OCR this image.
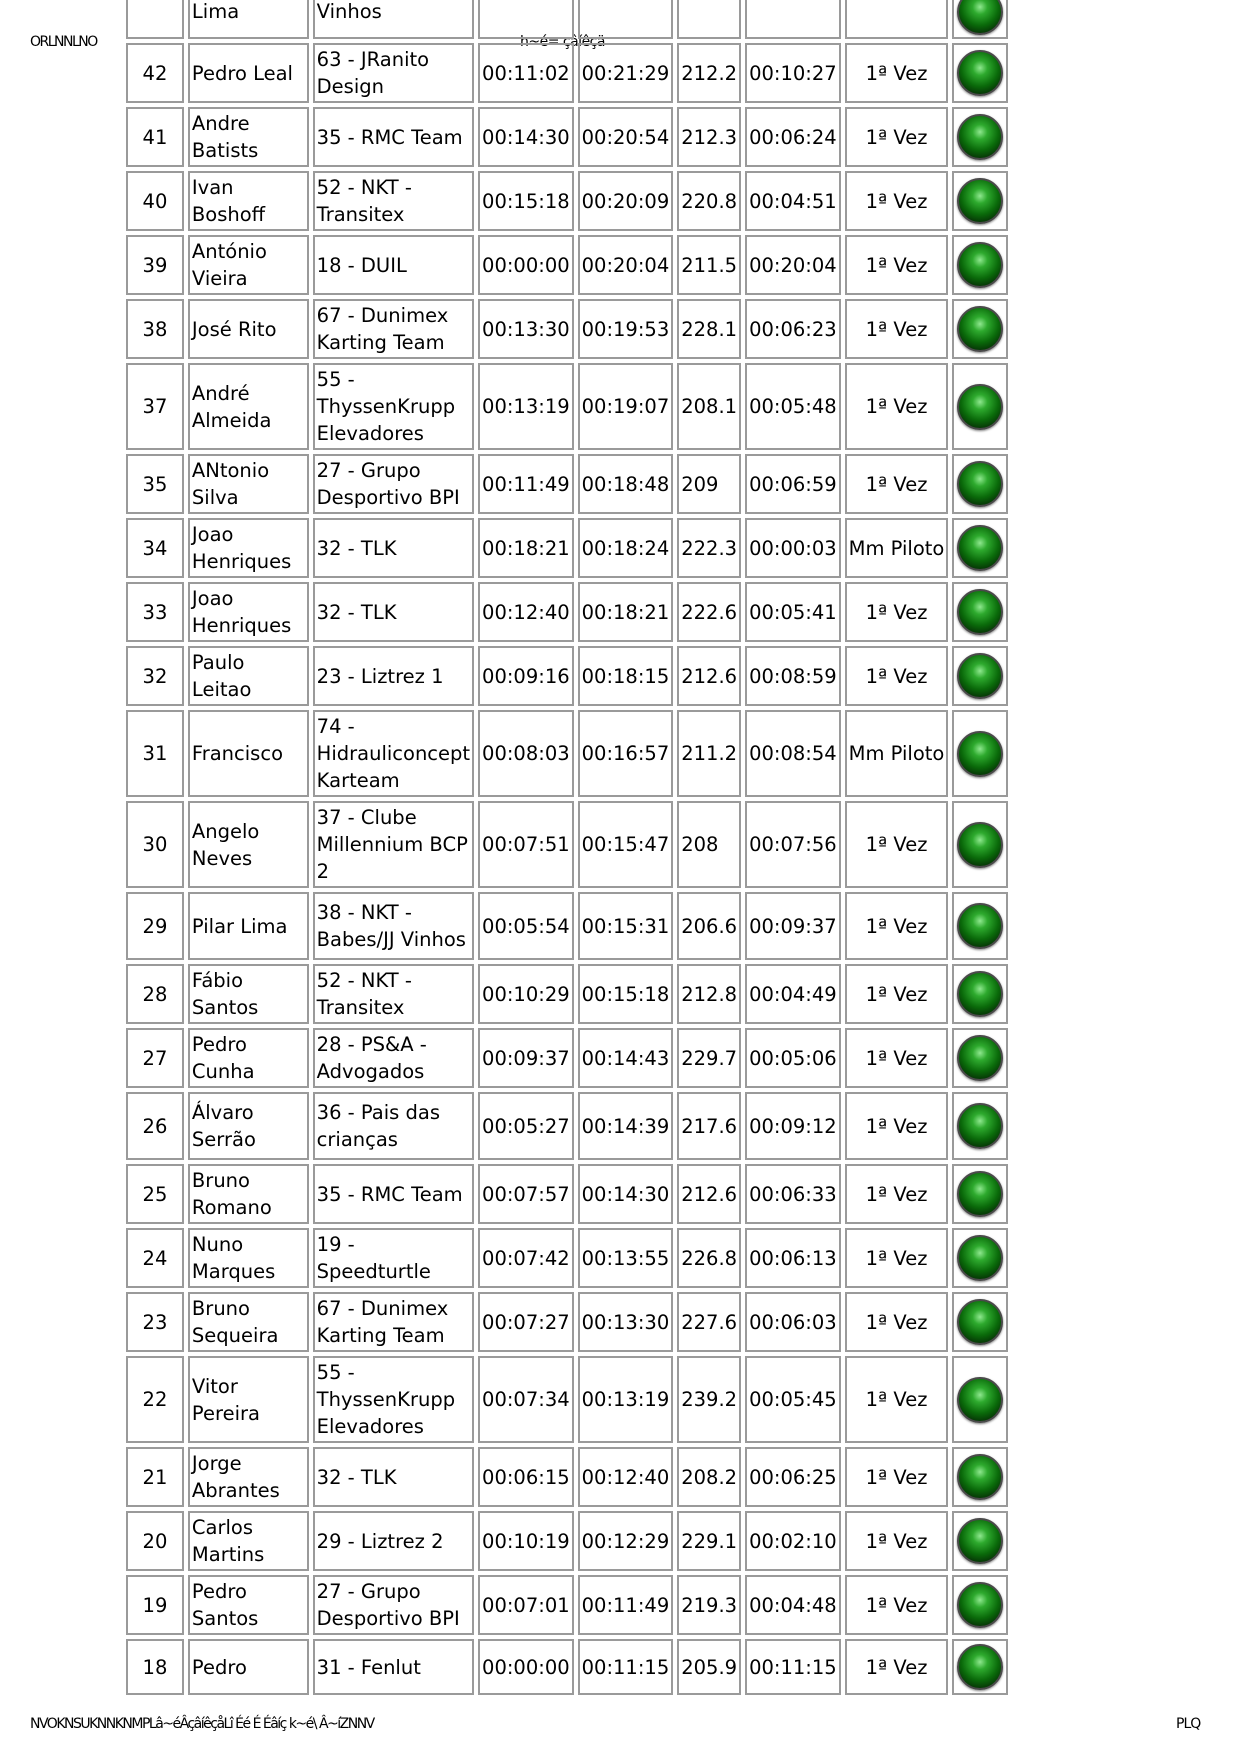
ORLNNLNO	h~é= çâíêçä
	Lima	Vinhos						
42	Pedro Leal	63 - JRanito Design	00:11:02	00:21:29	212.2	00:10:27	1ª Vez	
41	Andre Batists	35 - RMC Team	00:14:30	00:20:54	212.3	00:06:24	1ª Vez	
40	Ivan Boshoff	52 - NKT - Transitex	00:15:18	00:20:09	220.8	00:04:51	1ª Vez	
39	António Vieira	18 - DUIL	00:00:00	00:20:04	211.5	00:20:04	1ª Vez	
38	José Rito	67 - Dunimex Karting Team	00:13:30	00:19:53	228.1	00:06:23	1ª Vez	
37	André Almeida	55 - ThyssenKrupp Elevadores	00:13:19	00:19:07	208.1	00:05:48	1ª Vez	
35	ANtonio Silva	27 - Grupo Desportivo BPI	00:11:49	00:18:48	209	00:06:59	1ª Vez	
34	Joao Henriques	32 - TLK	00:18:21	00:18:24	222.3	00:00:03	Mm Piloto	
33	Joao Henriques	32 - TLK	00:12:40	00:18:21	222.6	00:05:41	1ª Vez	
32	Paulo Leitao	23 - Liztrez 1	00:09:16	00:18:15	212.6	00:08:59	1ª Vez	
31	Francisco	74 - Hidrauliconcept Karteam	00:08:03	00:16:57	211.2	00:08:54	Mm Piloto	
30	Angelo Neves	37 - Clube Millennium BCP 2	00:07:51	00:15:47	208	00:07:56	1ª Vez	
29	Pilar Lima	38 - NKT - Babes/JJ Vinhos	00:05:54	00:15:31	206.6	00:09:37	1ª Vez	
28	Fábio Santos	52 - NKT - Transitex	00:10:29	00:15:18	212.8	00:04:49	1ª Vez	
27	Pedro Cunha	28 - PS&A - Advogados	00:09:37	00:14:43	229.7	00:05:06	1ª Vez	
26	Álvaro Serrão	36 - Pais das crianças	00:05:27	00:14:39	217.6	00:09:12	1ª Vez	
25	Bruno Romano	35 - RMC Team	00:07:57	00:14:30	212.6	00:06:33	1ª Vez	
24	Nuno Marques	19 - Speedturtle	00:07:42	00:13:55	226.8	00:06:13	1ª Vez	
23	Bruno Sequeira	67 - Dunimex Karting Team	00:07:27	00:13:30	227.6	00:06:03	1ª Vez	
22	Vitor Pereira	55 - ThyssenKrupp Elevadores	00:07:34	00:13:19	239.2	00:05:45	1ª Vez	
21	Jorge Abrantes	32 - TLK	00:06:15	00:12:40	208.2	00:06:25	1ª Vez	
20	Carlos Martins	29 - Liztrez 2	00:10:19	00:12:29	229.1	00:02:10	1ª Vez	
19	Pedro Santos	27 - Grupo Desportivo BPI	00:07:01	00:11:49	219.3	00:04:48	1ª Vez	
18	Pedro	31 - Fenlut	00:00:00	00:11:15	205.9	00:11:15	1ª Vez	
NVOKNSUKNNKNMPLâ~éÂçâíêçåLî Éé É Éâíç k~é\ Â~íZNNV	PLQ
